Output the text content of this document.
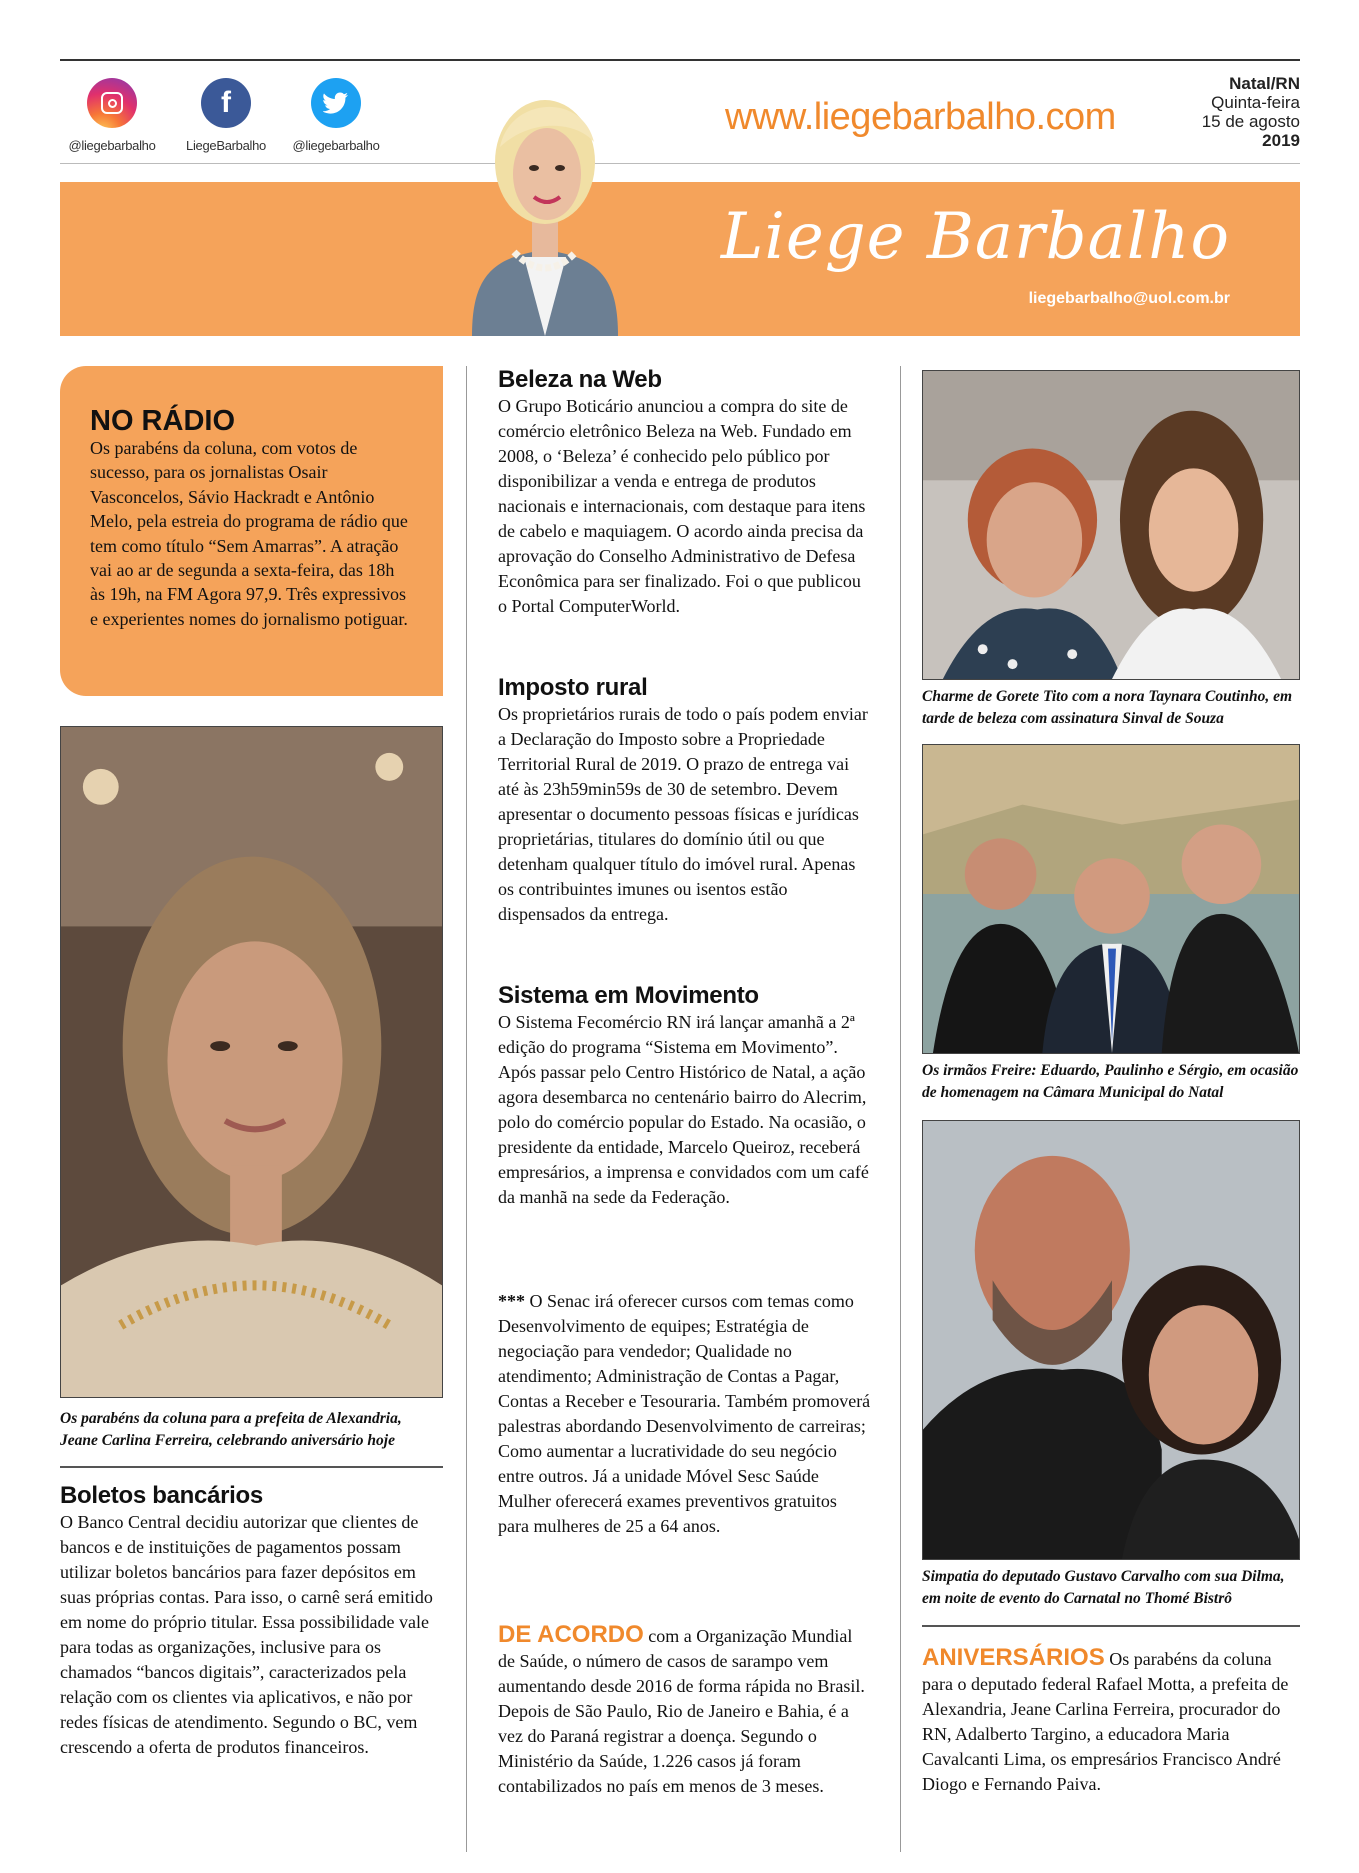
@liegebarbalho
f
LiegeBarbalho	@liegebarbalho
www.liegebarbalho.com
Natal/RN
Quinta-feira
15 de agosto
2019
Liege Barbalho
liegebarbalho@uol.com.br
NO RÁDIO

Os parabéns da coluna, com votos de sucesso, para os jornalistas Osair Vasconcelos, Sávio Hackradt e Antônio Melo, pela estreia do programa de rádio que tem como título “Sem Amarras”. A atração vai ao ar de segunda a sexta-feira, das 18h às 19h, na FM Agora 97,9. Três expressivos e experientes nomes do jornalismo potiguar.

Os parabéns da coluna para a prefeita de Alexandria, Jeane Carlina Ferreira, celebrando aniversário hoje
Boletos bancários

O Banco Central decidiu autorizar que clientes de bancos e de instituições de pagamentos possam utilizar boletos bancários para fazer depósitos em suas próprias contas. Para isso, o carnê será emitido em nome do próprio titular. Essa possibilidade vale para todas as organizações, inclusive para os chamados “bancos digitais”, caracterizados pela relação com os clientes via aplicativos, e não por redes físicas de atendimento. Segundo o BC, vem crescendo a oferta de produtos financeiros.

Beleza na Web

O Grupo Boticário anunciou a compra do site de comércio eletrônico Beleza na Web. Fundado em 2008, o ‘Beleza’ é conhecido pelo público por disponibilizar a venda e entrega de produtos nacionais e internacionais, com destaque para itens de cabelo e maquiagem. O acordo ainda precisa da aprovação do Conselho Administrativo de Defesa Econômica para ser finalizado. Foi o que publicou o Portal ComputerWorld.

Imposto rural

Os proprietários rurais de todo o país podem enviar a Declaração do Imposto sobre a Propriedade Territorial Rural de 2019. O prazo de entrega vai até às 23h59min59s de 30 de setembro. Devem apresentar o documento pessoas físicas e jurídicas proprietárias, titulares do domínio útil ou que detenham qualquer título do imóvel rural. Apenas os contribuintes imunes ou isentos estão dispensados da entrega.

Sistema em Movimento

O Sistema Fecomércio RN irá lançar amanhã a 2ª edição do programa “Sistema em Movimento”. Após passar pelo Centro Histórico de Natal, a ação agora desembarca no centenário bairro do Alecrim, polo do comércio popular do Estado. Na ocasião, o presidente da entidade, Marcelo Queiroz, receberá empresários, a imprensa e convidados com um café da manhã na sede da Federação.

*** O Senac irá oferecer cursos com temas como Desenvolvimento de equipes; Estratégia de negociação para vendedor; Qualidade no atendimento; Administração de Contas a Pagar, Contas a Receber e Tesouraria. Também promoverá palestras abordando Desenvolvimento de carreiras; Como aumentar a lucratividade do seu negócio entre outros. Já a unidade Móvel Sesc Saúde Mulher oferecerá exames preventivos gratuitos para mulheres de 25 a 64 anos.

DE ACORDO com a Organização Mundial de Saúde, o número de casos de sarampo vem aumentando desde 2016 de forma rápida no Brasil. Depois de São Paulo, Rio de Janeiro e Bahia, é a vez do Paraná registrar a doença. Segundo o Ministério da Saúde, 1.226 casos já foram contabilizados no país em menos de 3 meses.

Charme de Gorete Tito com a nora Taynara Coutinho, em tarde de beleza com assinatura Sinval de Souza
Os irmãos Freire: Eduardo, Paulinho e Sérgio, em ocasião de homenagem na Câmara Municipal do Natal
Simpatia do deputado Gustavo Carvalho com sua Dilma, em noite de evento do Carnatal no Thomé Bistrô

ANIVERSÁRIOS Os parabéns da coluna para o deputado federal Rafael Motta, a prefeita de Alexandria, Jeane Carlina Ferreira, procurador do RN, Adalberto Targino, a educadora Maria Cavalcanti Lima, os empresários Francisco André Diogo e Fernando Paiva.
